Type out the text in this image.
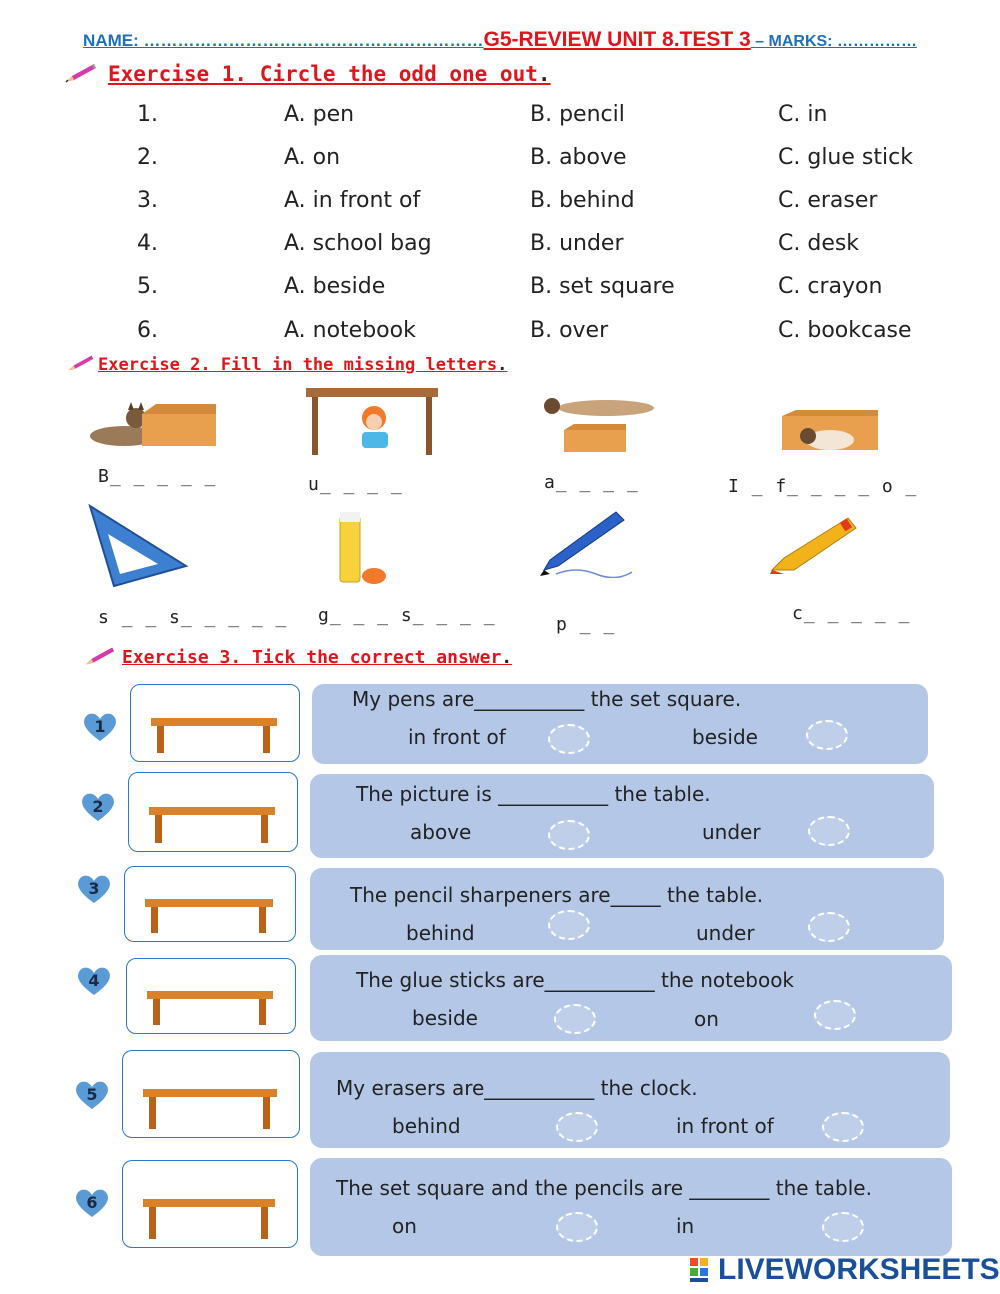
NAME: ……………………………………………………G5-REVIEW UNIT 8.TEST 3 – MARKS: ……………
Exercise 1. Circle the odd one out.
1.	A. pen	B. pencil	C. in
2.	A. on	B. above	C. glue stick
3.	A. in front of	B. behind	C. eraser
4.	A. school bag	B. under	C. desk
5.	A. beside	B. set square	C. crayon
6.	A. notebook	B. over	C. bookcase
Exercise 2. Fill in the missing letters.
B_ _ _ _ _	u_ _ _ _	a_ _ _ _	I _ f_ _ _ _ o _
s _ _ s_ _ _ _ _ g_ _ _ s_ _ _ _	p _ _
c_ _ _ _ _
Exercise 3. Tick the correct answer.
1
My pens are___________ the set square.
in front of	beside
2
The picture is ___________ the table.
above	under
3	The pencil sharpeners are_____ the table.
behind	under
4	The glue sticks are___________ the notebook
beside	on
5	My erasers are___________ the clock.
behind	in front of
6
The set square and the pencils are ________ the table.
on	in
LIVEWORKSHEETS
